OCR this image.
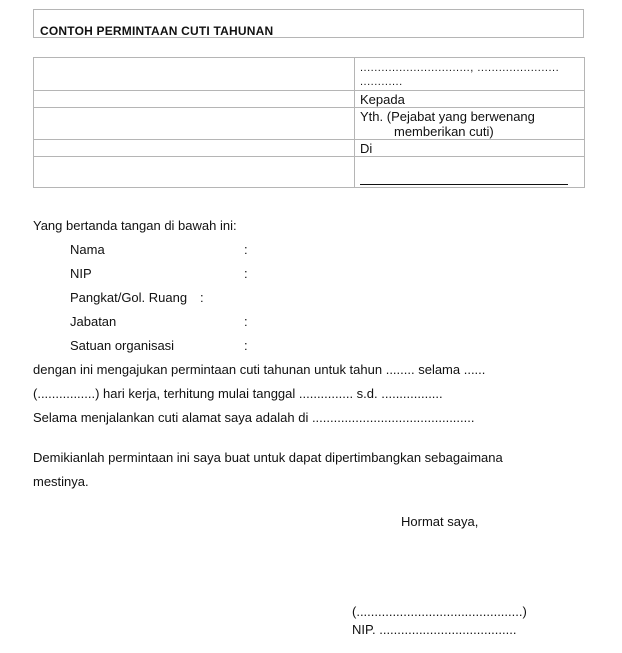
CONTOH PERMINTAAN CUTI TAHUNAN

	..............................., .......................
............

	Kepada

	Yth. (Pejabat yang berwenang
memberikan cuti)

	Di

Yang bertanda tangan di bawah ini:
Nama	:
NIP	:
Pangkat/Gol. Ruang :
Jabatan	:
Satuan organisasi	:
dengan ini mengajukan permintaan cuti tahunan untuk tahun ........ selama ......
(................) hari kerja, terhitung mulai tanggal ............... s.d. .................
Selama menjalankan cuti alamat saya adalah di .............................................
Demikianlah permintaan ini saya buat untuk dapat dipertimbangkan sebagaimana
mestinya.
Hormat saya,
(..............................................)
NIP. ......................................
